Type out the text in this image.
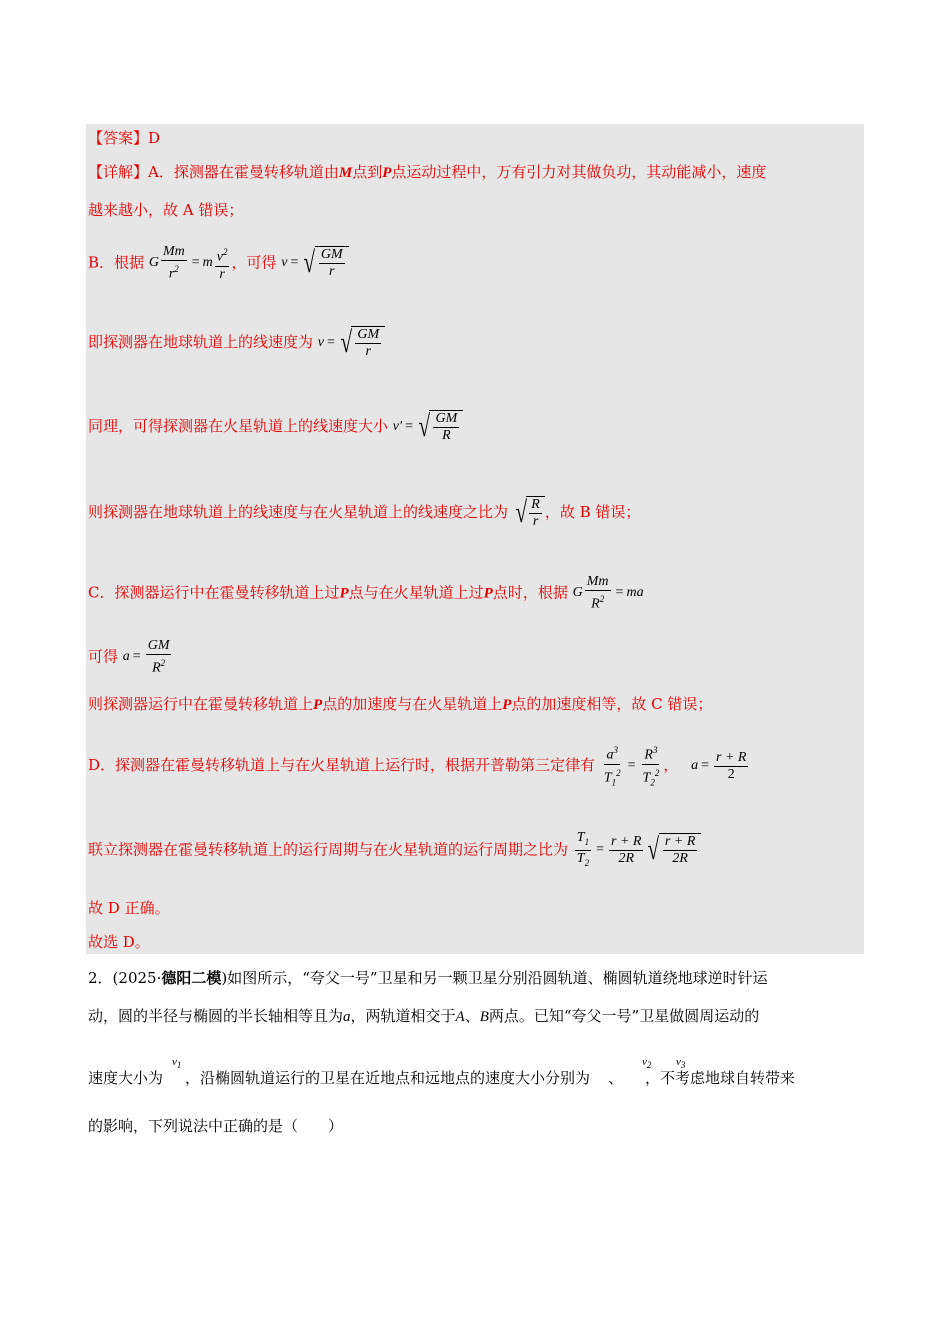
【答案】D
【详解】A．探测器在霍曼转移轨道由M点到P点运动过程中，万有引力对其做负功，其动能减小，速度
越来越小，故 A 错误；
B．根据 G $\frac{Mm}{r^2} = m \frac{v^2}{r}$ ，可得 v = √ $\frac{GM}{r}$
即探测器在地球轨道上的线速度为 v = √ $\frac{GM}{r}$
同理，可得探测器在火星轨道上的线速度大小 v′ = √ $\frac{GM}{R}$
则探测器在地球轨道上的线速度与在火星轨道上的线速度之比为 √ $\frac{R}{r}$ ，故 B 错误；
C．探测器运行中在霍曼转移轨道上过P点与在火星轨道上过P点时，根据 G $\frac{Mm}{R^2}$ = ma
可得 $a = \frac{GM}{R^2}$
则探测器运行中在霍曼转移轨道上P点的加速度与在火星轨道上P点的加速度相等，故 C 错误；
D．探测器在霍曼转移轨道上与在火星轨道上运行时，根据开普勒第三定律有 $\frac{a^3}{T_1^2} = \frac{R^3}{T_2^2}$ ， $a = \frac{r + R}{2}$
联立探测器在霍曼转移轨道上的运行周期与在火星轨道的运行周期之比为 $\frac{T_1}{T_2} = \frac{r + R}{2R}$ √ $\frac{r + R}{2R}$
故 D 正确。
故选 D。
2．(2025·德阳二模)如图所示，“夸父一号”卫星和另一颗卫星分别沿圆轨道、椭圆轨道绕地球逆时针运
动，圆的半径与椭圆的半长轴相等且为a，两轨道相交于A、B两点。已知“夸父一号”卫星做圆周运动的
速度大小为 ，沿椭圆轨道运行的卫星在近地点和远地点的速度大小分别为 、 ，不考虑地球自转带来
$v_1$	$v_2$ $v_3$
的影响，下列说法中正确的是（　　）
